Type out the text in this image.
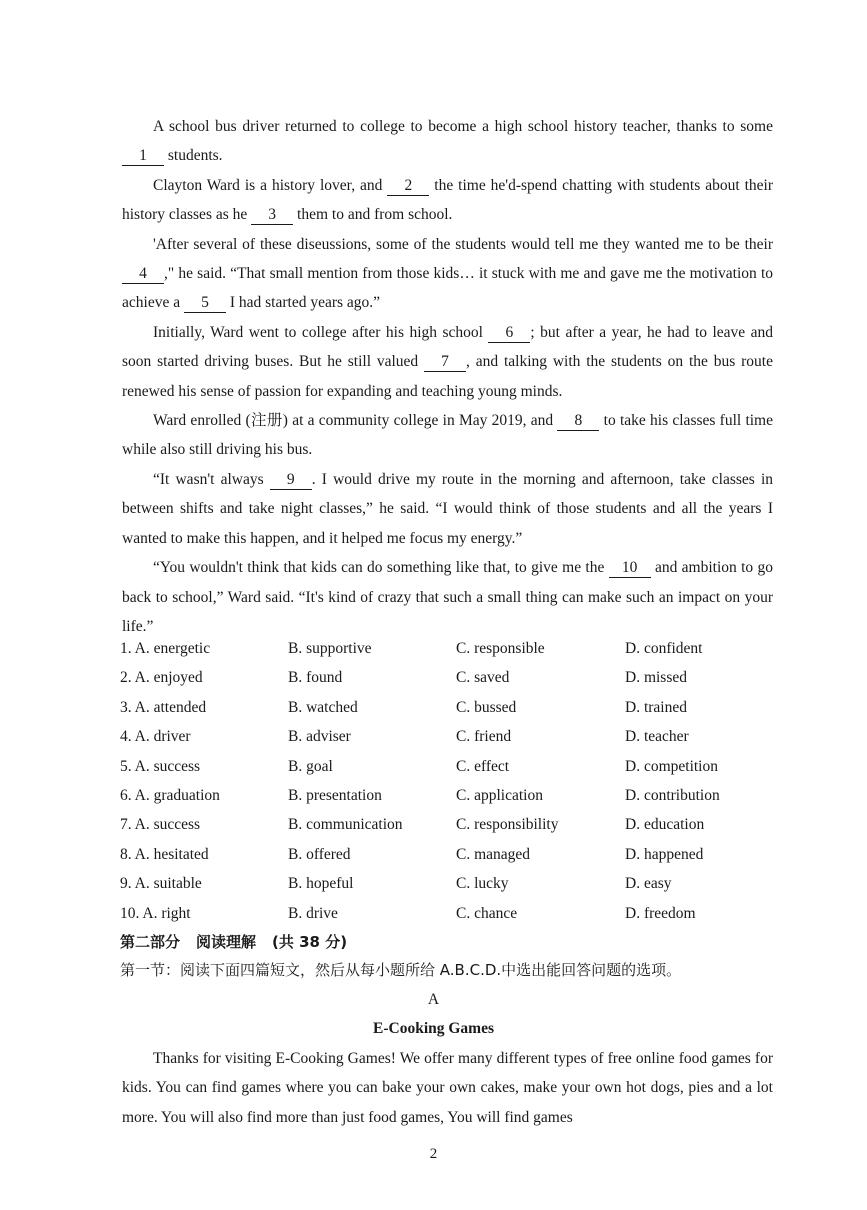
A school bus driver returned to college to become a high school history teacher, thanks to some 1 students.

Clayton Ward is a history lover, and 2 the time he'd-spend chatting with students about their history classes as he 3 them to and from school.

'After several of these diseussions, some of the students would tell me they wanted me to be their 4 ," he said. “That small mention from those kids… it stuck with me and gave me the motivation to achieve a 5 I had started years ago.”

Initially, Ward went to college after his high school 6 ; but after a year, he had to leave and soon started driving buses. But he still valued 7 , and talking with the students on the bus route renewed his sense of passion for expanding and teaching young minds.

Ward enrolled (注册) at a community college in May 2019, and 8 to take his classes full time while also still driving his bus.

“It wasn't always 9 . I would drive my route in the morning and afternoon, take classes in between shifts and take night classes,” he said. “I would think of those students and all the years I wanted to make this happen, and it helped me focus my energy.”

“You wouldn't think that kids can do something like that, to give me the 10 and ambition to go back to school,” Ward said. “It's kind of crazy that such a small thing can make such an impact on your life.”

1. A. energetic	B. supportive	C. responsible	D. confident
2. A. enjoyed	B. found	C. saved	D. missed
3. A. attended	B. watched	C. bussed	D. trained
4. A. driver	B. adviser	C. friend	D. teacher
5. A. success	B. goal	C. effect	D. competition
6. A. graduation	B. presentation	C. application	D. contribution
7. A. success	B. communication	C. responsibility	D. education
8. A. hesitated	B. offered	C. managed	D. happened
9. A. suitable	B. hopeful	C. lucky	D. easy
10. A. right	B. drive	C. chance	D. freedom
第二部分 阅读理解 (共 38 分)
第一节：阅读下面四篇短文，然后从每小题所给 A.B.C.D.中选出能回答问题的选项。
A
E-Cooking Games

Thanks for visiting E-Cooking Games! We offer many different types of free online food games for kids. You can find games where you can bake your own cakes, make your own hot dogs, pies and a lot more. You will also find more than just food games, You will find games

2
